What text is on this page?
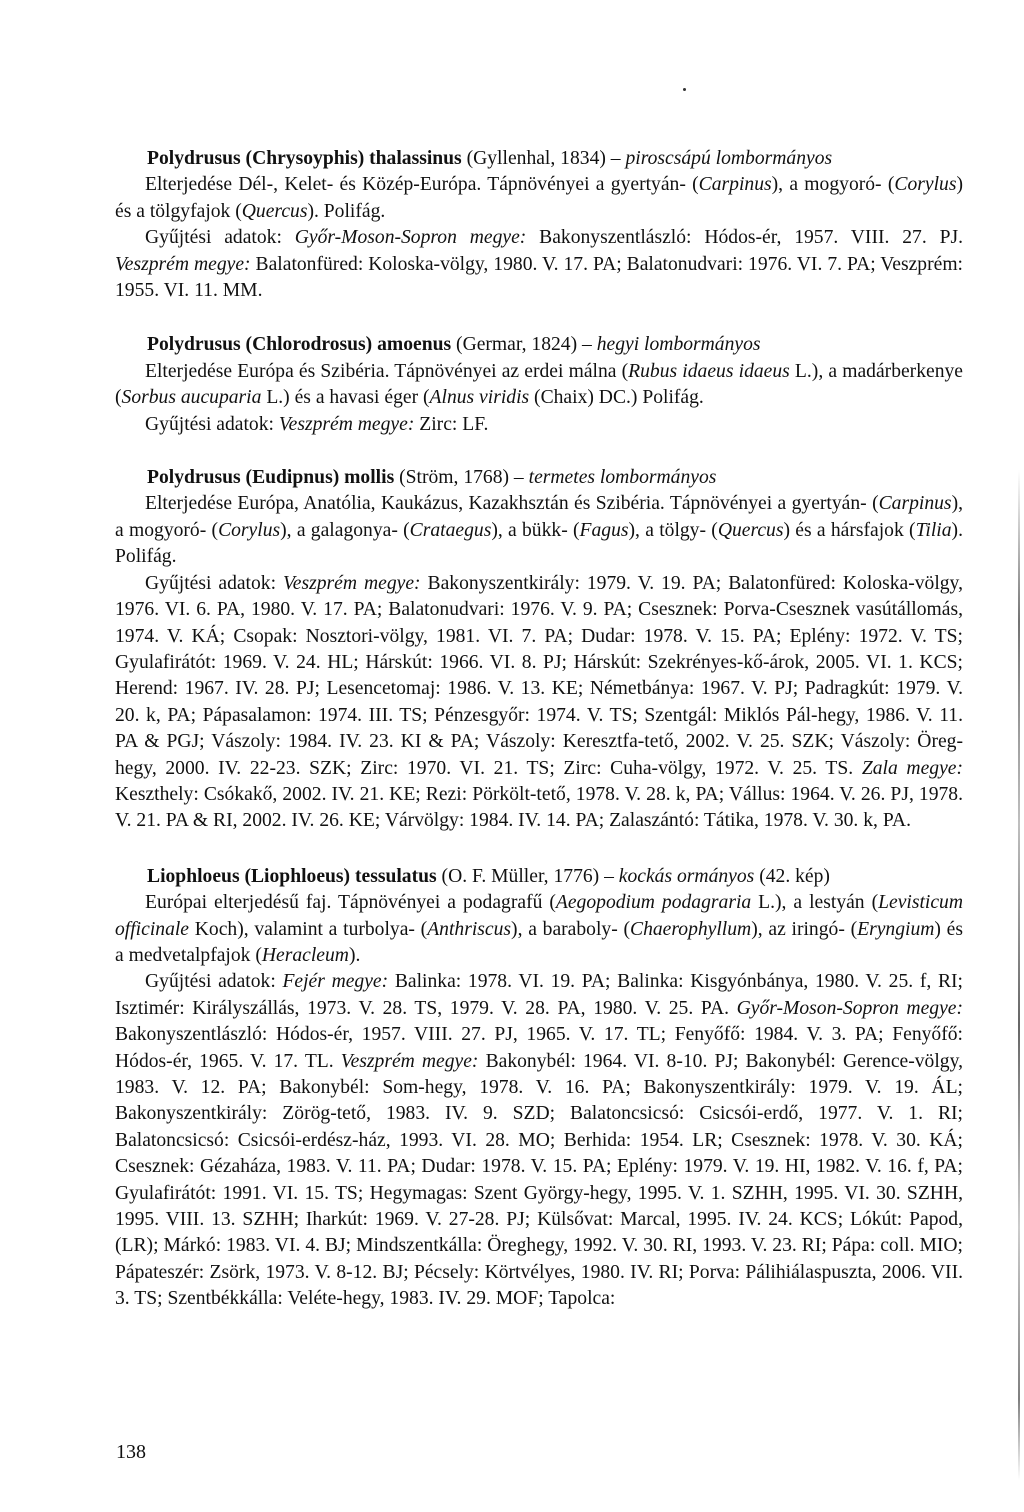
Polydrusus (Chrysoyphis) thalassinus (Gyllenhal, 1834) – piroscsápú lombormányos

Elterjedése Dél-, Kelet- és Közép-Európa. Tápnövényei a gyertyán- (Carpinus), a mogyoró- (Corylus) és a tölgyfajok (Quercus). Polifág.

Gyűjtési adatok: Győr-Moson-Sopron megye: Bakonyszentlászló: Hódos-ér, 1957. VIII. 27. PJ. Veszprém megye: Balatonfüred: Koloska-völgy, 1980. V. 17. PA; Balatonudvari: 1976. VI. 7. PA; Veszprém: 1955. VI. 11. MM.

Polydrusus (Chlorodrosus) amoenus (Germar, 1824) – hegyi lombormányos

Elterjedése Európa és Szibéria. Tápnövényei az erdei málna (Rubus idaeus idaeus L.), a madárberkenye (Sorbus aucuparia L.) és a havasi éger (Alnus viridis (Chaix) DC.) Polifág.

Gyűjtési adatok: Veszprém megye: Zirc: LF.

Polydrusus (Eudipnus) mollis (Ström, 1768) – termetes lombormányos

Elterjedése Európa, Anatólia, Kaukázus, Kazakhsztán és Szibéria. Tápnövényei a gyertyán- (Carpinus), a mogyoró- (Corylus), a galagonya- (Crataegus), a bükk- (Fagus), a tölgy- (Quercus) és a hársfajok (Tilia). Polifág.

Gyűjtési adatok: Veszprém megye: Bakonyszentkirály: 1979. V. 19. PA; Balatonfüred: Koloska-völgy, 1976. VI. 6. PA, 1980. V. 17. PA; Balatonudvari: 1976. V. 9. PA; Csesznek: Porva-Csesznek vasútállomás, 1974. V. KÁ; Csopak: Nosztori-völgy, 1981. VI. 7. PA; Dudar: 1978. V. 15. PA; Eplény: 1972. V. TS; Gyulafirátót: 1969. V. 24. HL; Hárskút: 1966. VI. 8. PJ; Hárskút: Szekrényes-kő-árok, 2005. VI. 1. KCS; Herend: 1967. IV. 28. PJ; Lesencetomaj: 1986. V. 13. KE; Németbánya: 1967. V. PJ; Padragkút: 1979. V. 20. k, PA; Pápasalamon: 1974. III. TS; Pénzesgyőr: 1974. V. TS; Szentgál: Miklós Pál-hegy, 1986. V. 11. PA & PGJ; Vászoly: 1984. IV. 23. KI & PA; Vászoly: Keresztfa-tető, 2002. V. 25. SZK; Vászoly: Öreg-hegy, 2000. IV. 22-23. SZK; Zirc: 1970. VI. 21. TS; Zirc: Cuha-völgy, 1972. V. 25. TS. Zala megye: Keszthely: Csókakő, 2002. IV. 21. KE; Rezi: Pörkölt-tető, 1978. V. 28. k, PA; Vállus: 1964. V. 26. PJ, 1978. V. 21. PA & RI, 2002. IV. 26. KE; Várvölgy: 1984. IV. 14. PA; Zalaszántó: Tátika, 1978. V. 30. k, PA.

Liophloeus (Liophloeus) tessulatus (O. F. Müller, 1776) – kockás ormányos (42. kép)

Európai elterjedésű faj. Tápnövényei a podagrafű (Aegopodium podagraria L.), a lestyán (Levisticum officinale Koch), valamint a turbolya- (Anthriscus), a baraboly- (Chaerophyllum), az iringó- (Eryngium) és a medvetalpfajok (Heracleum).

Gyűjtési adatok: Fejér megye: Balinka: 1978. VI. 19. PA; Balinka: Kisgyónbánya, 1980. V. 25. f, RI; Isztimér: Királyszállás, 1973. V. 28. TS, 1979. V. 28. PA, 1980. V. 25. PA. Győr-Moson-Sopron megye: Bakonyszentlászló: Hódos-ér, 1957. VIII. 27. PJ, 1965. V. 17. TL; Fenyőfő: 1984. V. 3. PA; Fenyőfő: Hódos-ér, 1965. V. 17. TL. Veszprém megye: Bakonybél: 1964. VI. 8-10. PJ; Bakonybél: Gerence-völgy, 1983. V. 12. PA; Bakonybél: Som-hegy, 1978. V. 16. PA; Bakonyszentkirály: 1979. V. 19. ÁL; Bakonyszentkirály: Zörög-tető, 1983. IV. 9. SZD; Balatoncsicsó: Csicsói-erdő, 1977. V. 1. RI; Balatoncsicsó: Csicsói-erdész-ház, 1993. VI. 28. MO; Berhida: 1954. LR; Csesznek: 1978. V. 30. KÁ; Csesznek: Gézaháza, 1983. V. 11. PA; Dudar: 1978. V. 15. PA; Eplény: 1979. V. 19. HI, 1982. V. 16. f, PA; Gyulafirátót: 1991. VI. 15. TS; Hegymagas: Szent György-hegy, 1995. V. 1. SZHH, 1995. VI. 30. SZHH, 1995. VIII. 13. SZHH; Iharkút: 1969. V. 27-28. PJ; Külsővat: Marcal, 1995. IV. 24. KCS; Lókút: Papod, (LR); Márkó: 1983. VI. 4. BJ; Mindszentkálla: Öreghegy, 1992. V. 30. RI, 1993. V. 23. RI; Pápa: coll. MIO; Pápateszér: Zsörk, 1973. V. 8-12. BJ; Pécsely: Körtvélyes, 1980. IV. RI; Porva: Pálihiálaspuszta, 2006. VII. 3. TS; Szentbékkálla: Veléte-hegy, 1983. IV. 29. MOF; Tapolca:

138
